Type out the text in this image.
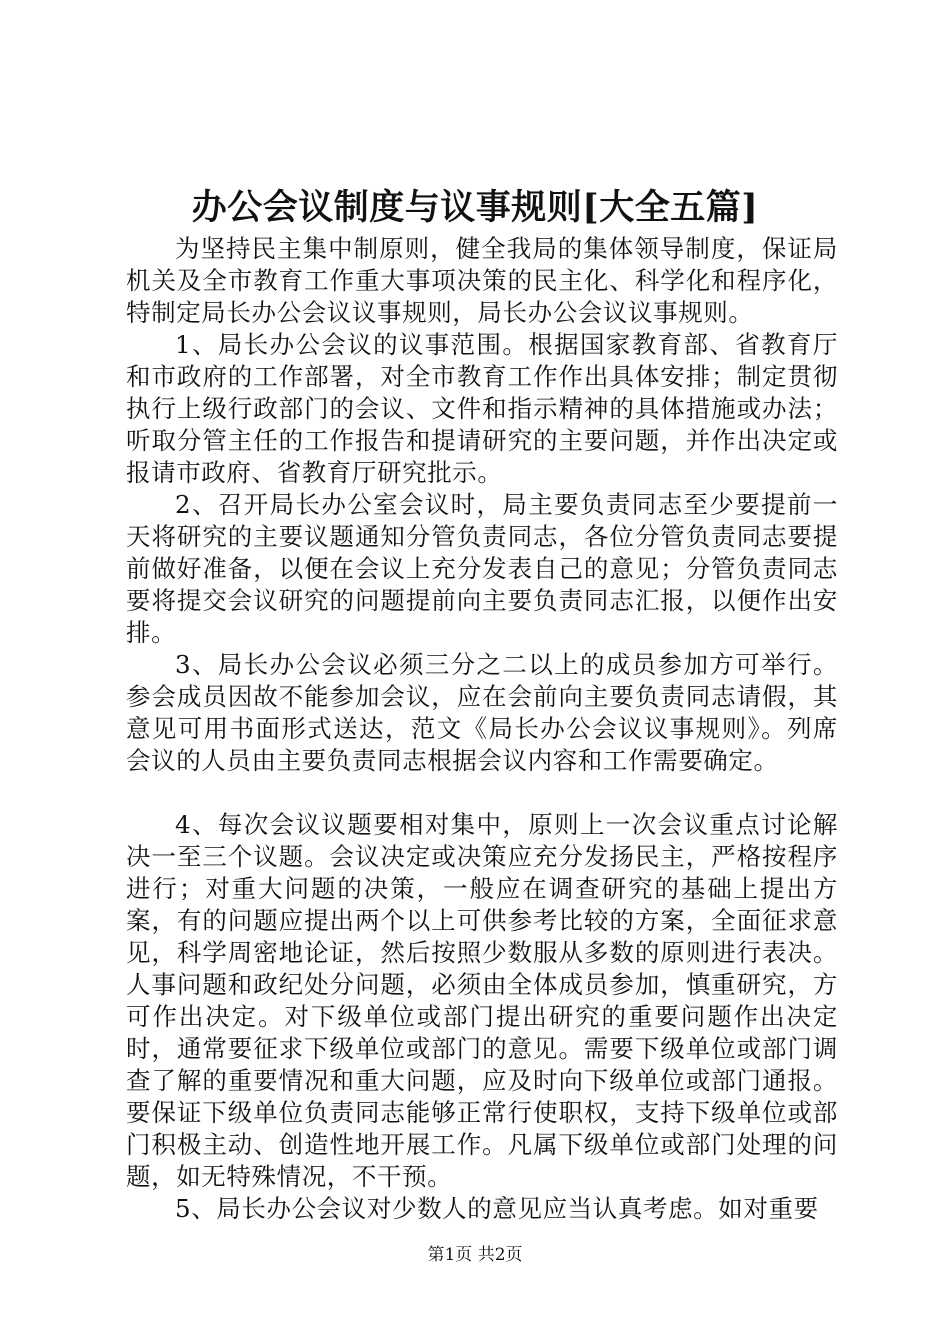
办公会议制度与议事规则[大全五篇]

为坚持民主集中制原则，健全我局的集体领导制度，保证局机关及全市教育工作重大事项决策的民主化、科学化和程序化，特制定局长办公会议议事规则，局长办公会议议事规则。

1、局长办公会议的议事范围。根据国家教育部、省教育厅和市政府的工作部署，对全市教育工作作出具体安排；制定贯彻执行上级行政部门的会议、文件和指示精神的具体措施或办法；听取分管主任的工作报告和提请研究的主要问题，并作出决定或报请市政府、省教育厅研究批示。

2、召开局长办公室会议时，局主要负责同志至少要提前一天将研究的主要议题通知分管负责同志，各位分管负责同志要提前做好准备，以便在会议上充分发表自己的意见；分管负责同志要将提交会议研究的问题提前向主要负责同志汇报，以便作出安排。

3、局长办公会议必须三分之二以上的成员参加方可举行。参会成员因故不能参加会议，应在会前向主要负责同志请假，其意见可用书面形式送达，范文《局长办公会议议事规则》。列席会议的人员由主要负责同志根据会议内容和工作需要确定。

4、每次会议议题要相对集中，原则上一次会议重点讨论解决一至三个议题。会议决定或决策应充分发扬民主，严格按程序进行；对重大问题的决策，一般应在调查研究的基础上提出方案，有的问题应提出两个以上可供参考比较的方案，全面征求意见，科学周密地论证，然后按照少数服从多数的原则进行表决。人事问题和政纪处分问题，必须由全体成员参加，慎重研究，方可作出决定。对下级单位或部门提出研究的重要问题作出决定时，通常要征求下级单位或部门的意见。需要下级单位或部门调查了解的重要情况和重大问题，应及时向下级单位或部门通报。要保证下级单位负责同志能够正常行使职权，支持下级单位或部门积极主动、创造性地开展工作。凡属下级单位或部门处理的问题，如无特殊情况，不干预。

5、局长办公会议对少数人的意见应当认真考虑。如对重要

第1页 共2页
